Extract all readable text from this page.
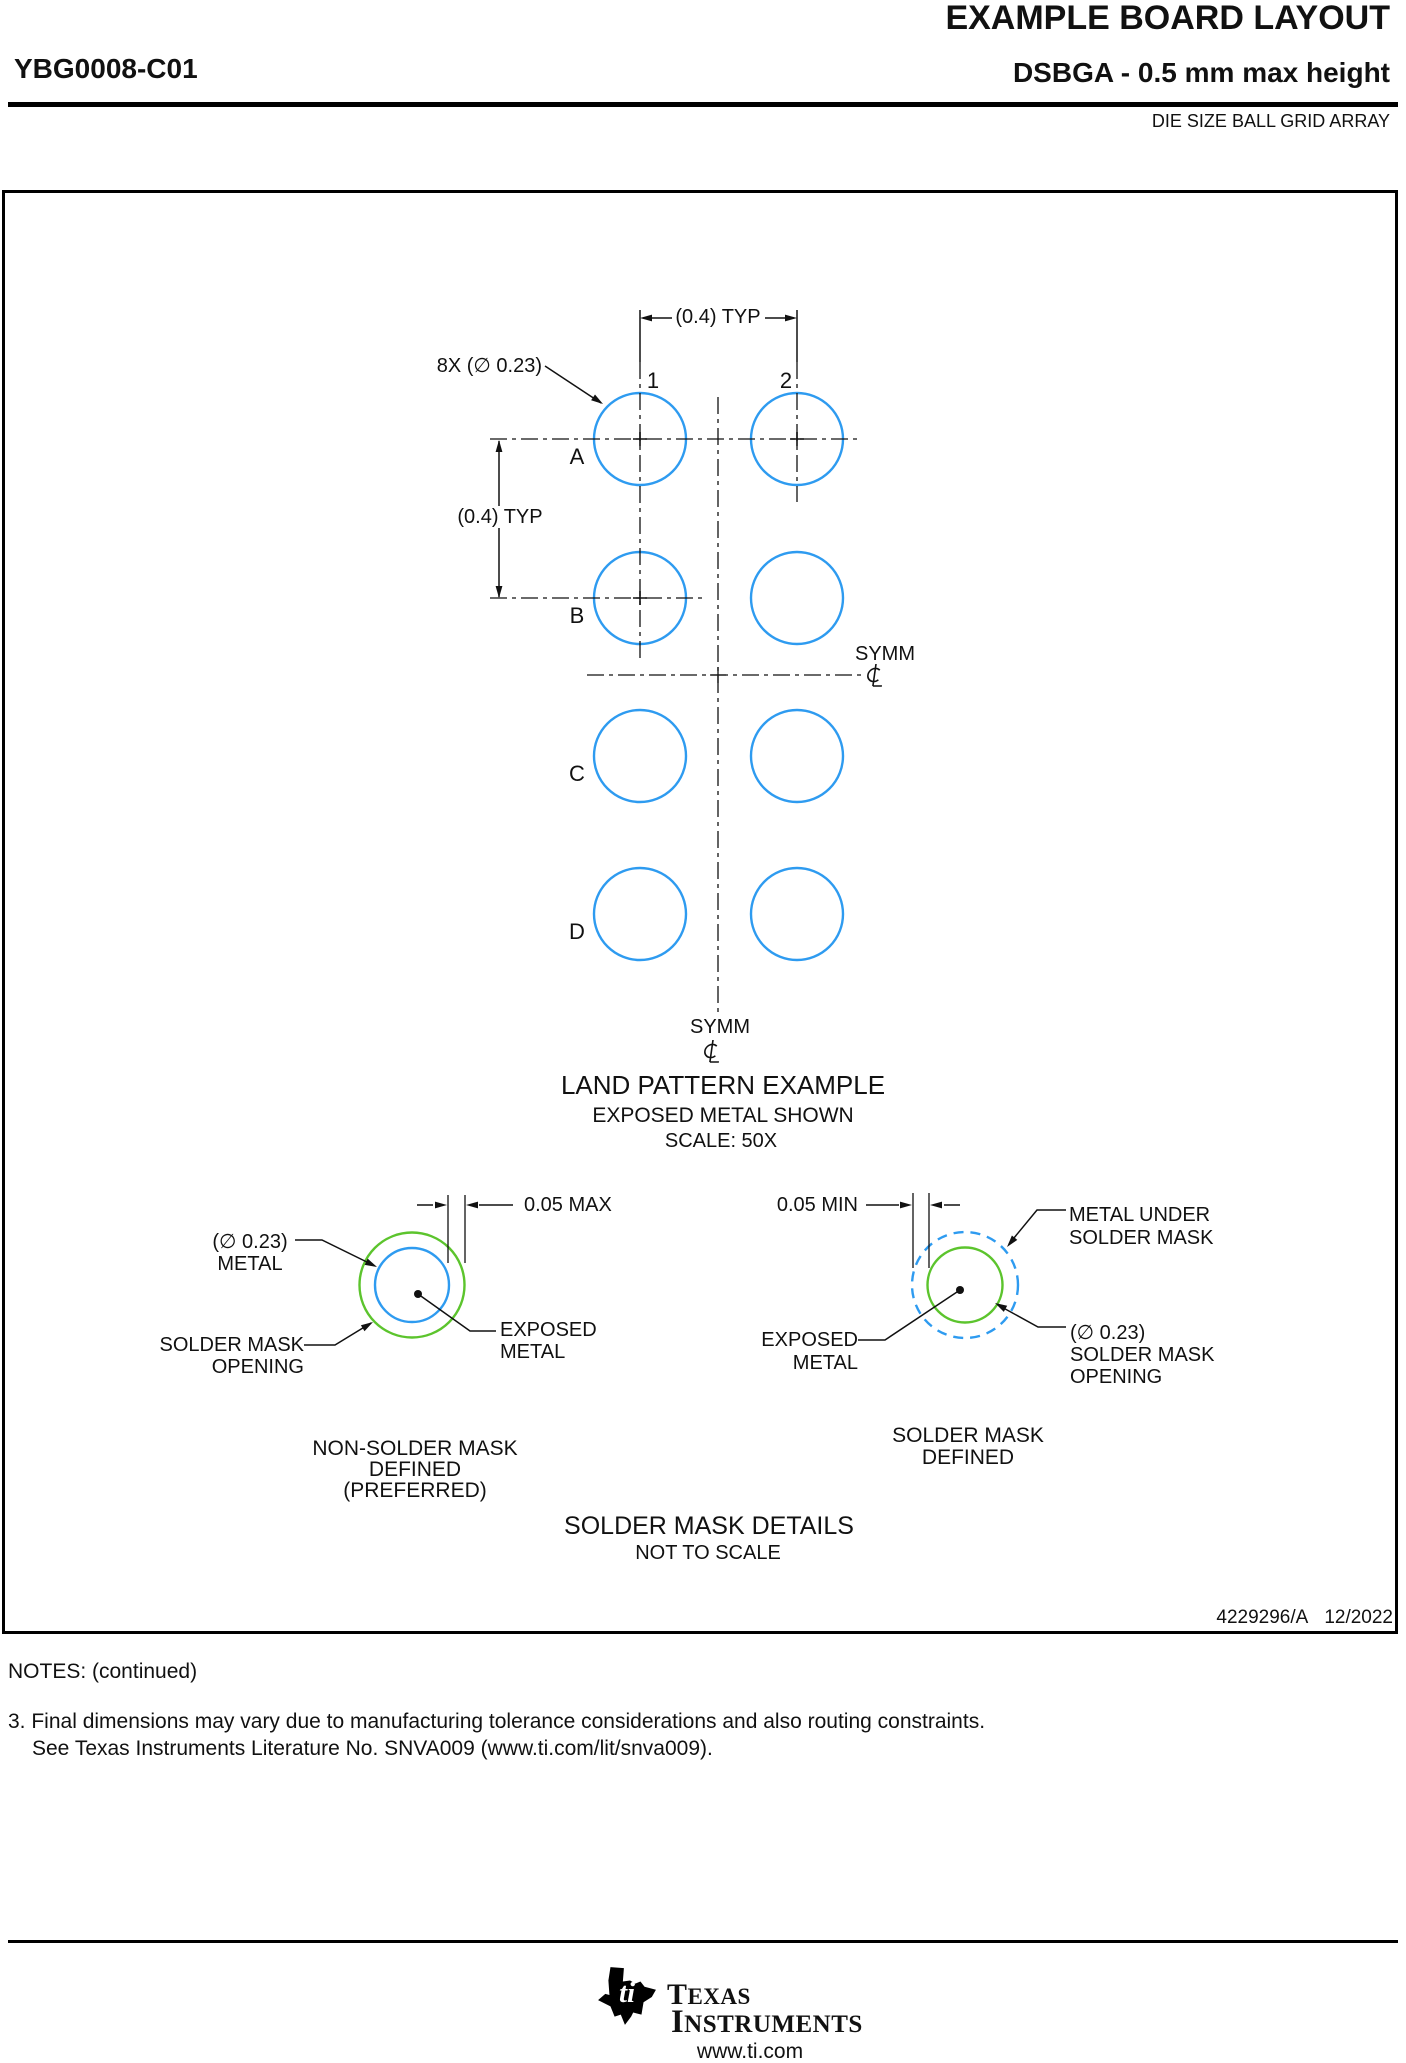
EXAMPLE BOARD LAYOUT
YBG0008-C01	DSBGA - 0.5 mm max height
DIE SIZE BALL GRID ARRAY
(0.4) TYP
8X (∅ 0.23)
1	2
A
B
C
D
(0.4) TYP
SYMM
SYMM
LAND PATTERN EXAMPLE
EXPOSED METAL SHOWN
SCALE: 50X
0.05 MAX
(∅ 0.23)
METAL
SOLDER MASK
OPENING
EXPOSED
METAL
NON-SOLDER MASK
DEFINED
(PREFERRED)
0.05 MIN	METAL UNDER
SOLDER MASK
(∅ 0.23)
SOLDER MASK
OPENING
EXPOSED
METAL
SOLDER MASK
DEFINED
SOLDER MASK DETAILS
NOT TO SCALE
4229296/A 12/2022
NOTES: (continued)
3. Final dimensions may vary due to manufacturing tolerance considerations and also routing constraints.
See Texas Instruments Literature No. SNVA009 (www.ti.com/lit/snva009).
ti TEXAS
INSTRUMENTS
www.ti.com
